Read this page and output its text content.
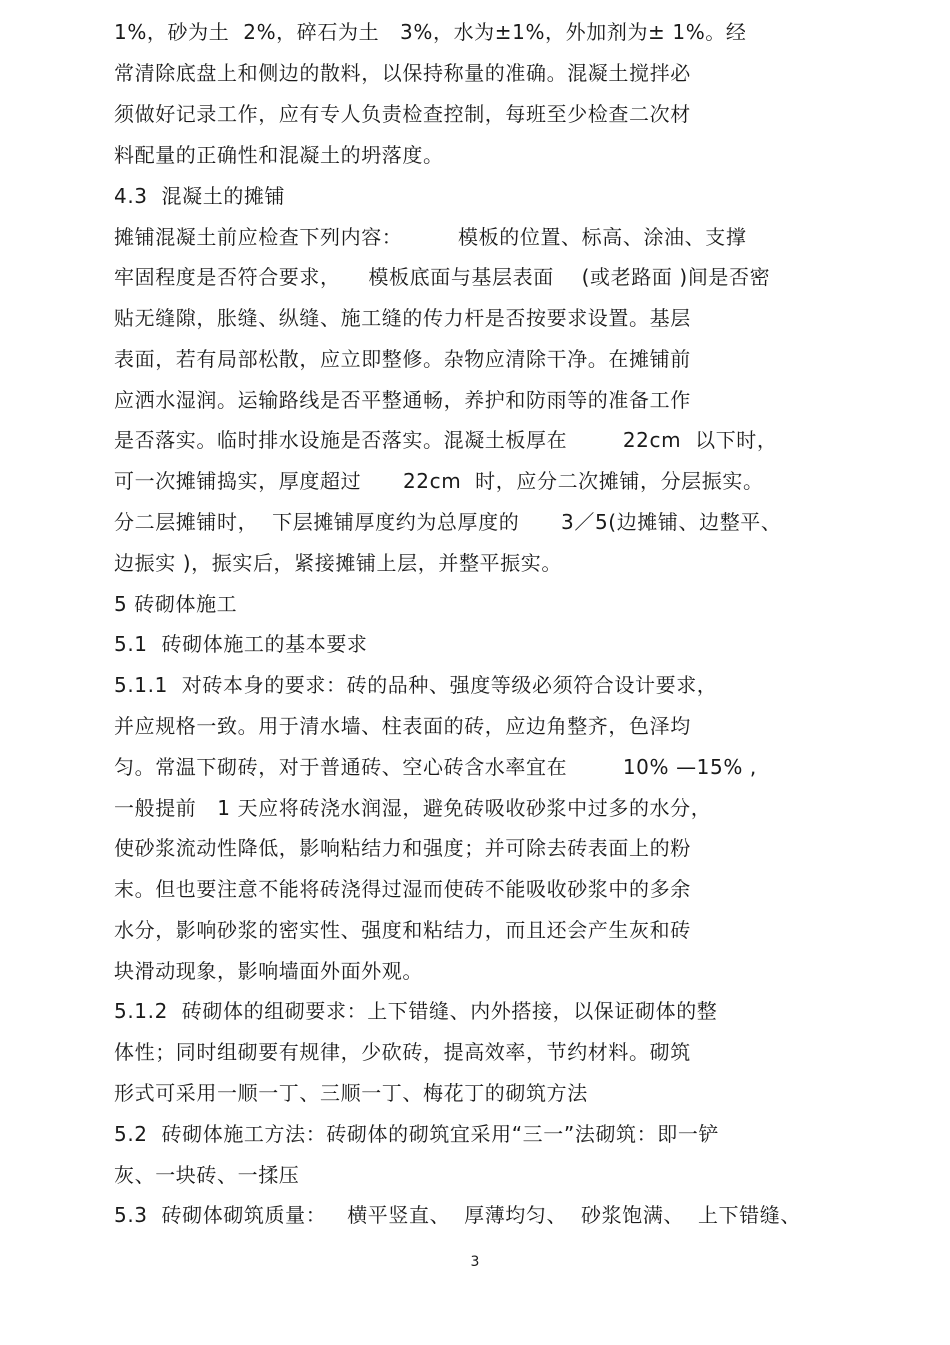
1%，砂为土  2%，碎石为土   3%，水为±1%，外加剂为± 1%。经
常清除底盘上和侧边的散料，以保持称量的准确。混凝土搅拌必
须做好记录工作，应有专人负责检查控制，每班至少检查二次材
料配量的正确性和混凝土的坍落度。
4.3  混凝土的摊铺
摊铺混凝土前应检查下列内容：        模板的位置、标高、涂油、支撑
牢固程度是否符合要求，    模板底面与基层表面    (或老路面 )间是否密
贴无缝隙，胀缝、纵缝、施工缝的传力杆是否按要求设置。基层
表面，若有局部松散，应立即整修。杂物应清除干净。在摊铺前
应洒水湿润。运输路线是否平整通畅，养护和防雨等的准备工作
是否落实。临时排水设施是否落实。混凝土板厚在        22cm  以下时，
可一次摊铺捣实，厚度超过      22cm  时，应分二次摊铺，分层振实。
分二层摊铺时，  下层摊铺厚度约为总厚度的      3／5(边摊铺、边整平、
边振实 )，振实后，紧接摊铺上层，并整平振实。
5 砖砌体施工
5.1  砖砌体施工的基本要求
5.1.1  对砖本身的要求：砖的品种、强度等级必须符合设计要求，
并应规格一致。用于清水墙、柱表面的砖，应边角整齐，色泽均
匀。常温下砌砖，对于普通砖、空心砖含水率宜在        10% —15% ,
一般提前   1 天应将砖浇水润湿，避免砖吸收砂浆中过多的水分，
使砂浆流动性降低，影响粘结力和强度；并可除去砖表面上的粉
末。但也要注意不能将砖浇得过湿而使砖不能吸收砂浆中的多余
水分，影响砂浆的密实性、强度和粘结力，而且还会产生灰和砖
块滑动现象，影响墙面外面外观。
5.1.2  砖砌体的组砌要求：上下错缝、内外搭接，以保证砌体的整
体性；同时组砌要有规律，少砍砖，提高效率，节约材料。砌筑
形式可采用一顺一丁、三顺一丁、梅花丁的砌筑方法
5.2  砖砌体施工方法：砖砌体的砌筑宜采用“三一”法砌筑：即一铲
灰、一块砖、一揉压
5.3  砖砌体砌筑质量：   横平竖直、  厚薄均匀、  砂浆饱满、  上下错缝、
3
